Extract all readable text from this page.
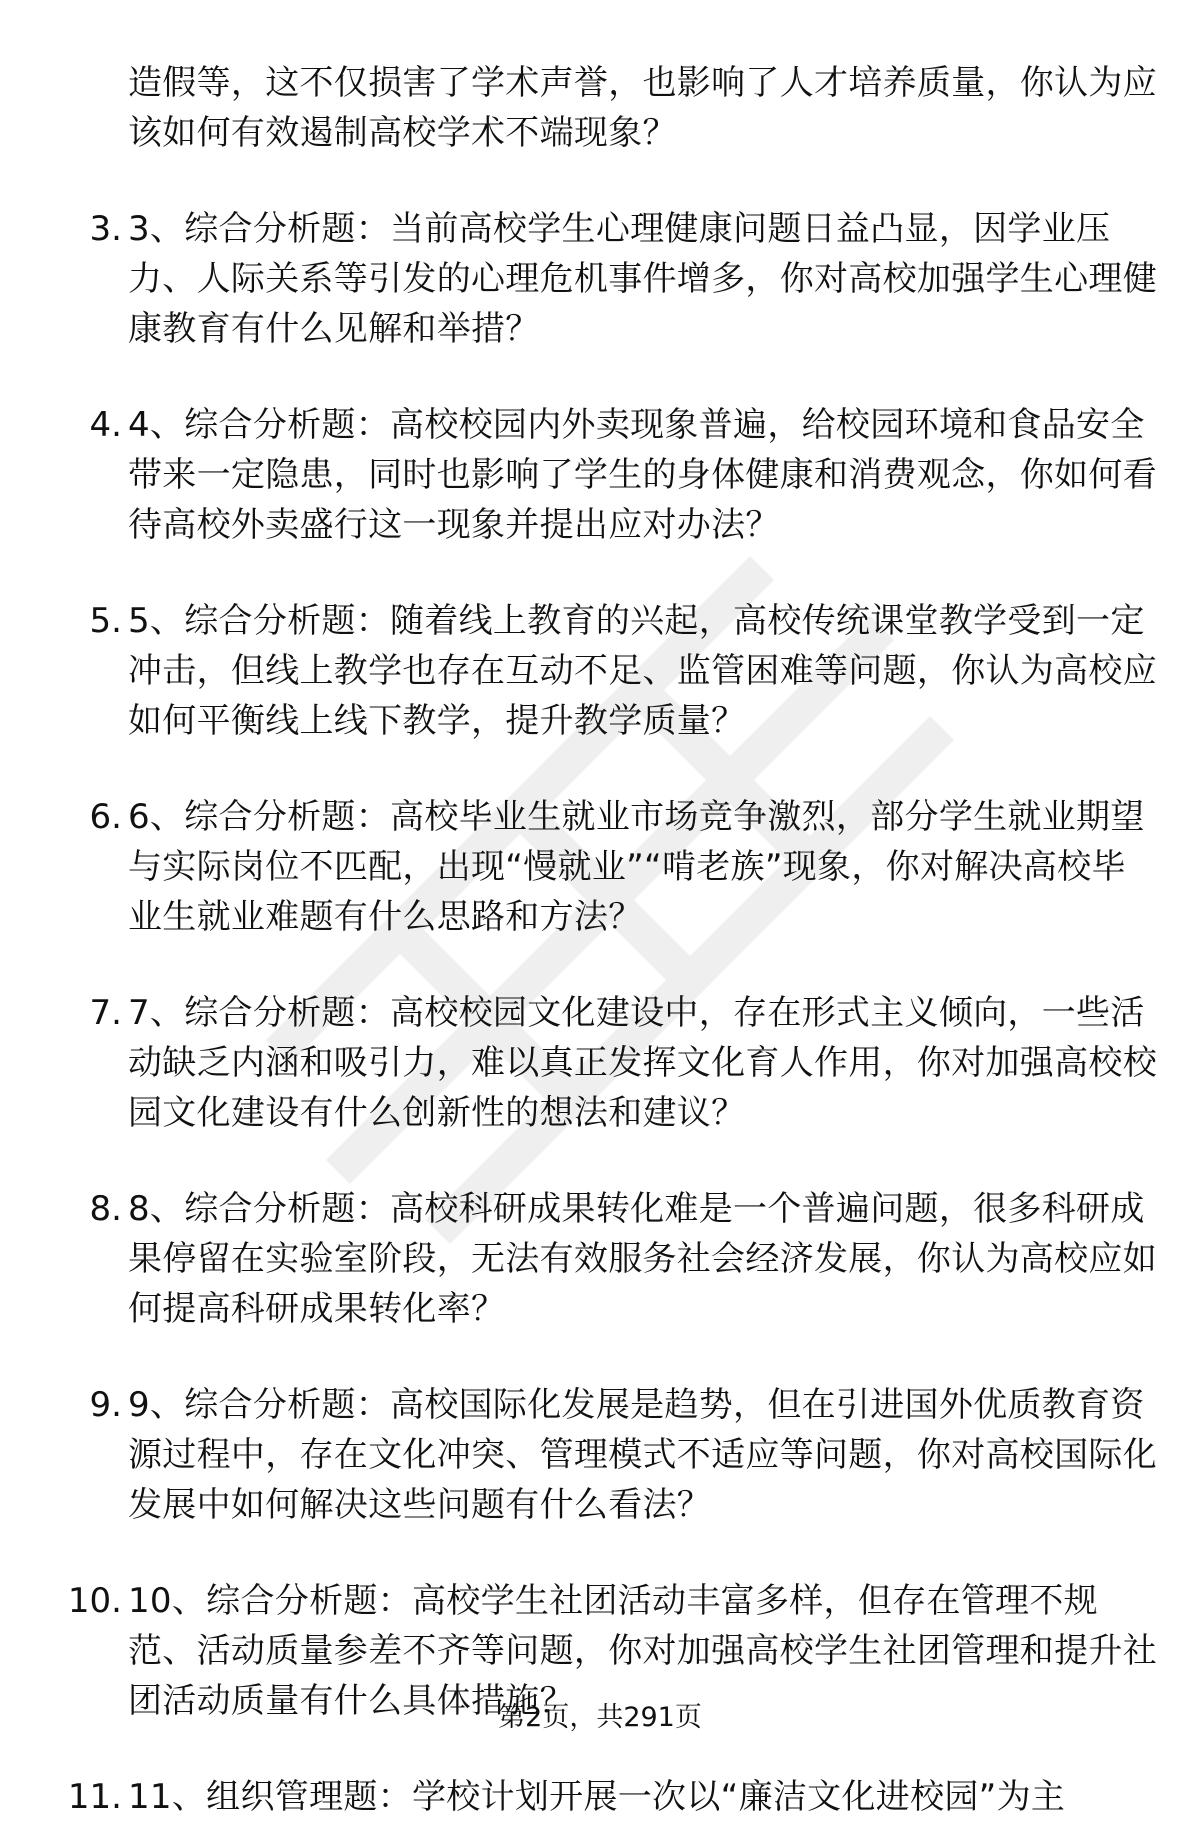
造假等，这不仅损害了学术声誉，也影响了人才培养质量，你认为应该如何有效遏制高校学术不端现象？
3. 3、综合分析题：当前高校学生心理健康问题日益凸显，因学业压力、人际关系等引发的心理危机事件增多，你对高校加强学生心理健康教育有什么见解和举措？
4. 4、综合分析题：高校校园内外卖现象普遍，给校园环境和食品安全带来一定隐患，同时也影响了学生的身体健康和消费观念，你如何看待高校外卖盛行这一现象并提出应对办法？
5. 5、综合分析题：随着线上教育的兴起，高校传统课堂教学受到一定冲击，但线上教学也存在互动不足、监管困难等问题，你认为高校应如何平衡线上线下教学，提升教学质量？
6. 6、综合分析题：高校毕业生就业市场竞争激烈，部分学生就业期望与实际岗位不匹配，出现“慢就业”“啃老族”现象，你对解决高校毕业生就业难题有什么思路和方法？
7. 7、综合分析题：高校校园文化建设中，存在形式主义倾向，一些活动缺乏内涵和吸引力，难以真正发挥文化育人作用，你对加强高校校园文化建设有什么创新性的想法和建议？
8. 8、综合分析题：高校科研成果转化难是一个普遍问题，很多科研成果停留在实验室阶段，无法有效服务社会经济发展，你认为高校应如何提高科研成果转化率？
9. 9、综合分析题：高校国际化发展是趋势，但在引进国外优质教育资源过程中，存在文化冲突、管理模式不适应等问题，你对高校国际化发展中如何解决这些问题有什么看法？
10. 10、综合分析题：高校学生社团活动丰富多样，但存在管理不规范、活动质量参差不齐等问题，你对加强高校学生社团管理和提升社团活动质量有什么具体措施？
11. 11、组织管理题：学校计划开展一次以“廉洁文化进校园”为主
第2页，共291页
